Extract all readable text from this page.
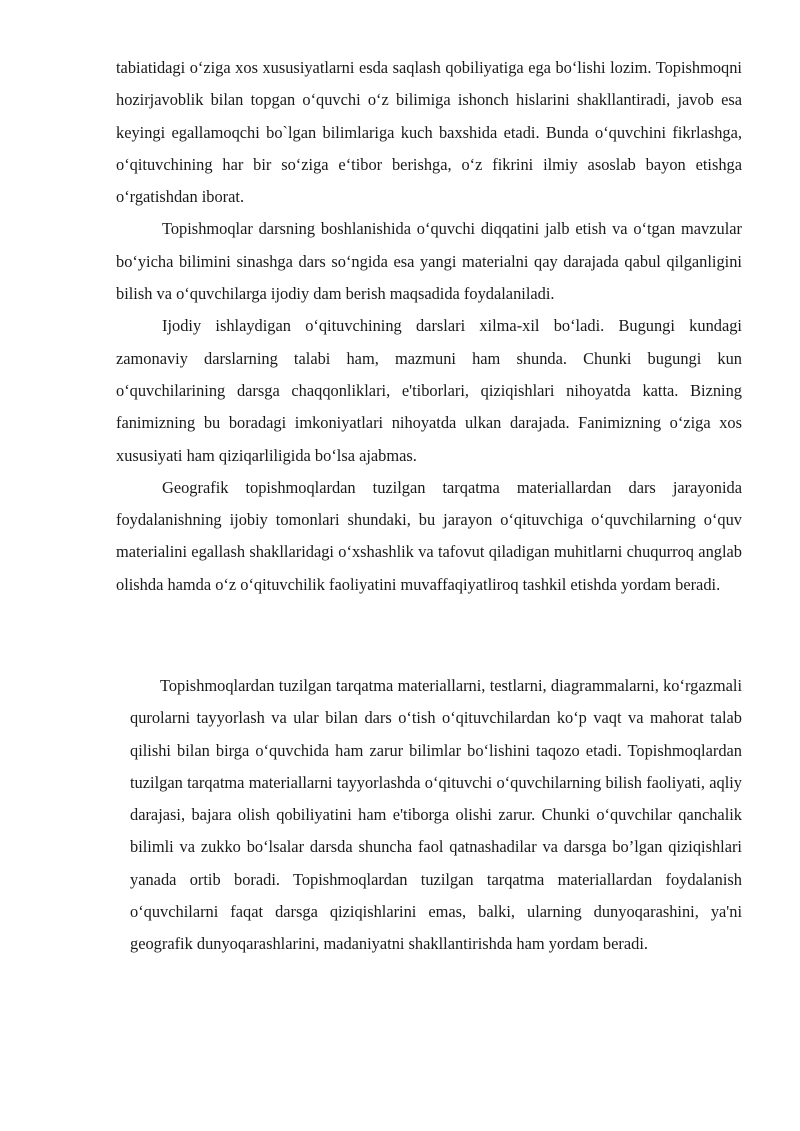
tabiatidagi o‘ziga xos xususiyatlarni esda saqlash qobiliyatiga ega bo‘lishi lozim. Topishmoqni hozirjavoblik bilan topgan o‘quvchi o‘z bilimiga ishonch hislarini shakllantiradi, javob esa keyingi egallamoqchi bo`lgan bilimlariga kuch baxshida etadi. Bunda o‘quvchini fikrlashga, o‘qituvchining har bir so‘ziga e‘tibor berishga, o‘z fikrini ilmiy asoslab bayon etishga o‘rgatishdan iborat.

Topishmoqlar darsning boshlanishida o‘quvchi diqqatini jalb etish va o‘tgan mavzular bo‘yicha bilimini sinashga dars so‘ngida esa yangi materialni qay darajada qabul qilganligini bilish va o‘quvchilarga ijodiy dam berish maqsadida foydalaniladi.

Ijodiy ishlaydigan o‘qituvchining darslari xilma-xil bo‘ladi. Bugungi kundagi zamonaviy darslarning talabi ham, mazmuni ham shunda. Chunki bugungi kun o‘quvchilarining darsga chaqqonliklari, e'tiborlari, qiziqishlari nihoyatda katta. Bizning fanimizning bu boradagi imkoniyatlari nihoyatda ulkan darajada. Fanimizning o‘ziga xos xususiyati ham qiziqarliligida bo‘lsa ajabmas.

Geografik topishmoqlardan tuzilgan tarqatma materiallardan dars jarayonida foydalanishning ijobiy tomonlari shundaki, bu jarayon o‘qituvchiga o‘quvchilarning o‘quv materialini egallash shakllaridagi o‘xshashlik va tafovut qiladigan muhitlarni chuqurroq anglab olishda hamda o‘z o‘qituvchilik faoliyatini muvaffaqiyatliroq tashkil etishda yordam beradi.

Topishmoqlardan tuzilgan tarqatma materiallarni, testlarni, diagrammalarni, ko‘rgazmali qurolarni tayyorlash va ular bilan dars o‘tish o‘qituvchilardan ko‘p vaqt va mahorat talab qilishi bilan birga o‘quvchida ham zarur bilimlar bo‘lishini taqozo etadi. Topishmoqlardan tuzilgan tarqatma materiallarni tayyorlashda o‘qituvchi o‘quvchilarning bilish faoliyati, aqliy darajasi, bajara olish qobiliyatini ham e'tiborga olishi zarur. Chunki o‘quvchilar qanchalik bilimli va zukko bo‘lsalar darsda shuncha faol qatnashadilar va darsga bo’lgan qiziqishlari yanada ortib boradi. Topishmoqlardan tuzilgan tarqatma materiallardan foydalanish o‘quvchilarni faqat darsga qiziqishlarini emas, balki, ularning dunyoqarashini, ya'ni geografik dunyoqarashlarini, madaniyatni shakllantirishda ham yordam beradi.
